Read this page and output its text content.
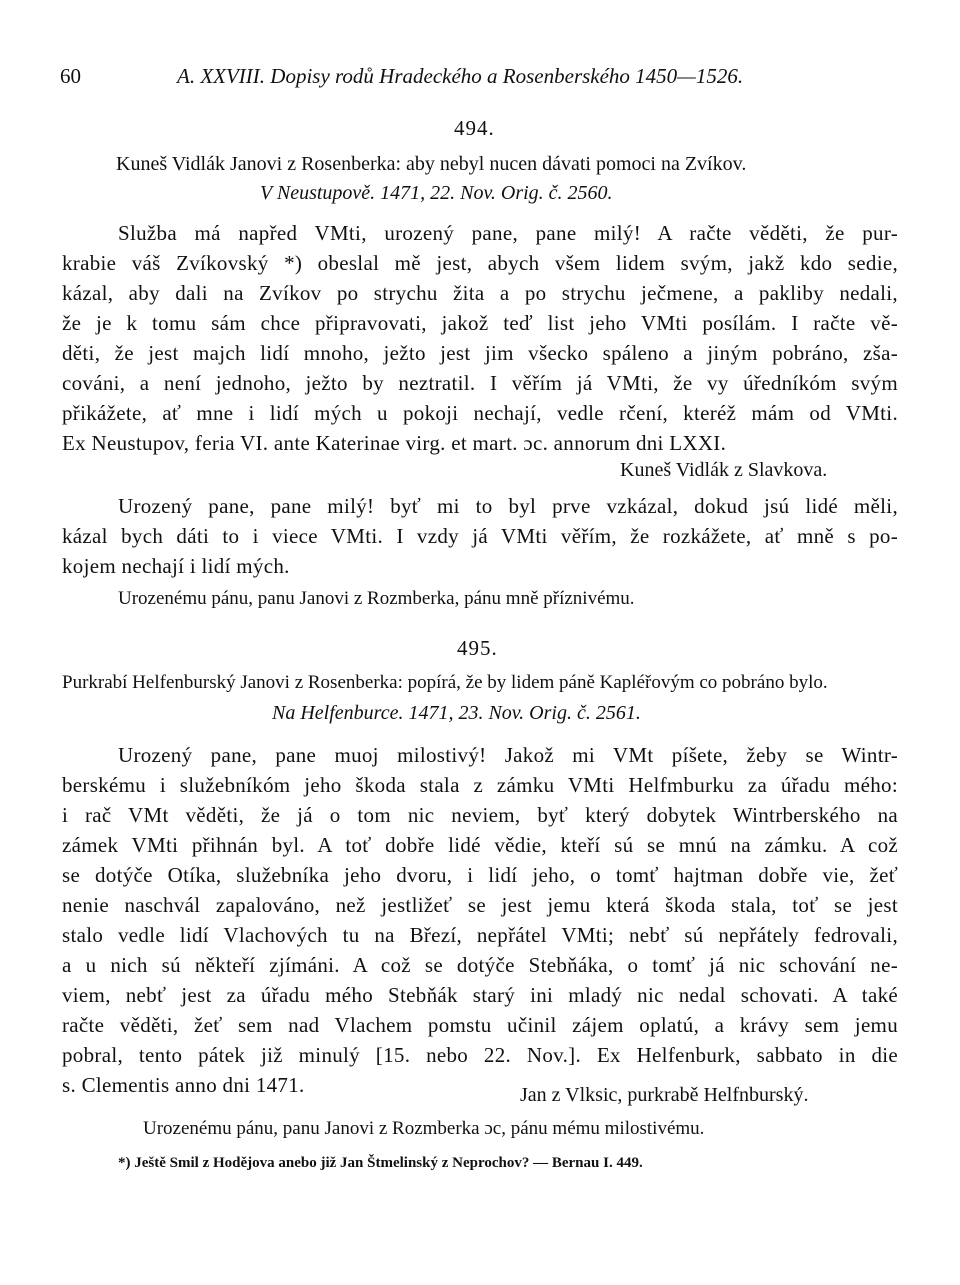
60	A. XXVIII. Dopisy rodů Hradeckého a Rosenberského 1450—1526.
494.
Kuneš Vidlák Janovi z Rosenberka: aby nebyl nucen dávati pomoci na Zvíkov.
V Neustupově. 1471, 22. Nov. Orig. č. 2560.
Služba má napřed VMti, urozený pane, pane milý! A račte věděti, že pur-
krabie váš Zvíkovský *) obeslal mě jest, abych všem lidem svým, jakž kdo sedie,
kázal, aby dali na Zvíkov po strychu žita a po strychu ječmene, a pakliby nedali,
že je k tomu sám chce připravovati, jakož teď list jeho VMti posílám. I račte vě-
děti, že jest majch lidí mnoho, ježto jest jim všecko spáleno a jiným pobráno, zša-
cováni, a není jednoho, ježto by neztratil. I věřím já VMti, že vy úředníkóm svým
přikážete, ať mne i lidí mých u pokoji nechají, vedle rčení, kteréž mám od VMti.
Ex Neustupov, feria VI. ante Katerinae virg. et mart. ɔc. annorum dni LXXI.
Kuneš Vidlák z Slavkova.
Urozený pane, pane milý! byť mi to byl prve vzkázal, dokud jsú lidé měli,
kázal bych dáti to i viece VMti. I vzdy já VMti věřím, že rozkážete, ať mně s po-
kojem nechají i lidí mých.
Urozenému pánu, panu Janovi z Rozmberka, pánu mně příznivému.
495.
Purkrabí Helfenburský Janovi z Rosenberka: popírá, že by lidem páně Kapléřovým co pobráno bylo.
Na Helfenburce. 1471, 23. Nov. Orig. č. 2561.
Urozený pane, pane muoj milostivý! Jakož mi VMt píšete, žeby se Wintr-
berskému i služebníkóm jeho škoda stala z zámku VMti Helfmburku za úřadu mého:
i rač VMt věděti, že já o tom nic neviem, byť který dobytek Wintrberského na
zámek VMti přihnán byl. A toť dobře lidé vědie, kteří sú se mnú na zámku. A což
se dotýče Otíka, služebníka jeho dvoru, i lidí jeho, o tomť hajtman dobře vie, žeť
nenie naschvál zapalováno, než jestližeť se jest jemu která škoda stala, toť se jest
stalo vedle lidí Vlachových tu na Březí, nepřátel VMti; nebť sú nepřátely fedrovali,
a u nich sú někteří zjímáni. A což se dotýče Stebňáka, o tomť já nic schování ne-
viem, nebť jest za úřadu mého Stebňák starý ini mladý nic nedal schovati. A také
račte věděti, žeť sem nad Vlachem pomstu učinil zájem oplatú, a krávy sem jemu
pobral, tento pátek již minulý [15. nebo 22. Nov.]. Ex Helfenburk, sabbato in die
s. Clementis anno dni 1471.	Jan z Vlksic, purkrabě Helfnburský.
Urozenému pánu, panu Janovi z Rozmberka ɔc, pánu mému milostivému.
*) Ještě Smil z Hodějova anebo již Jan Štmelinský z Neprochov? — Bernau I. 449.
